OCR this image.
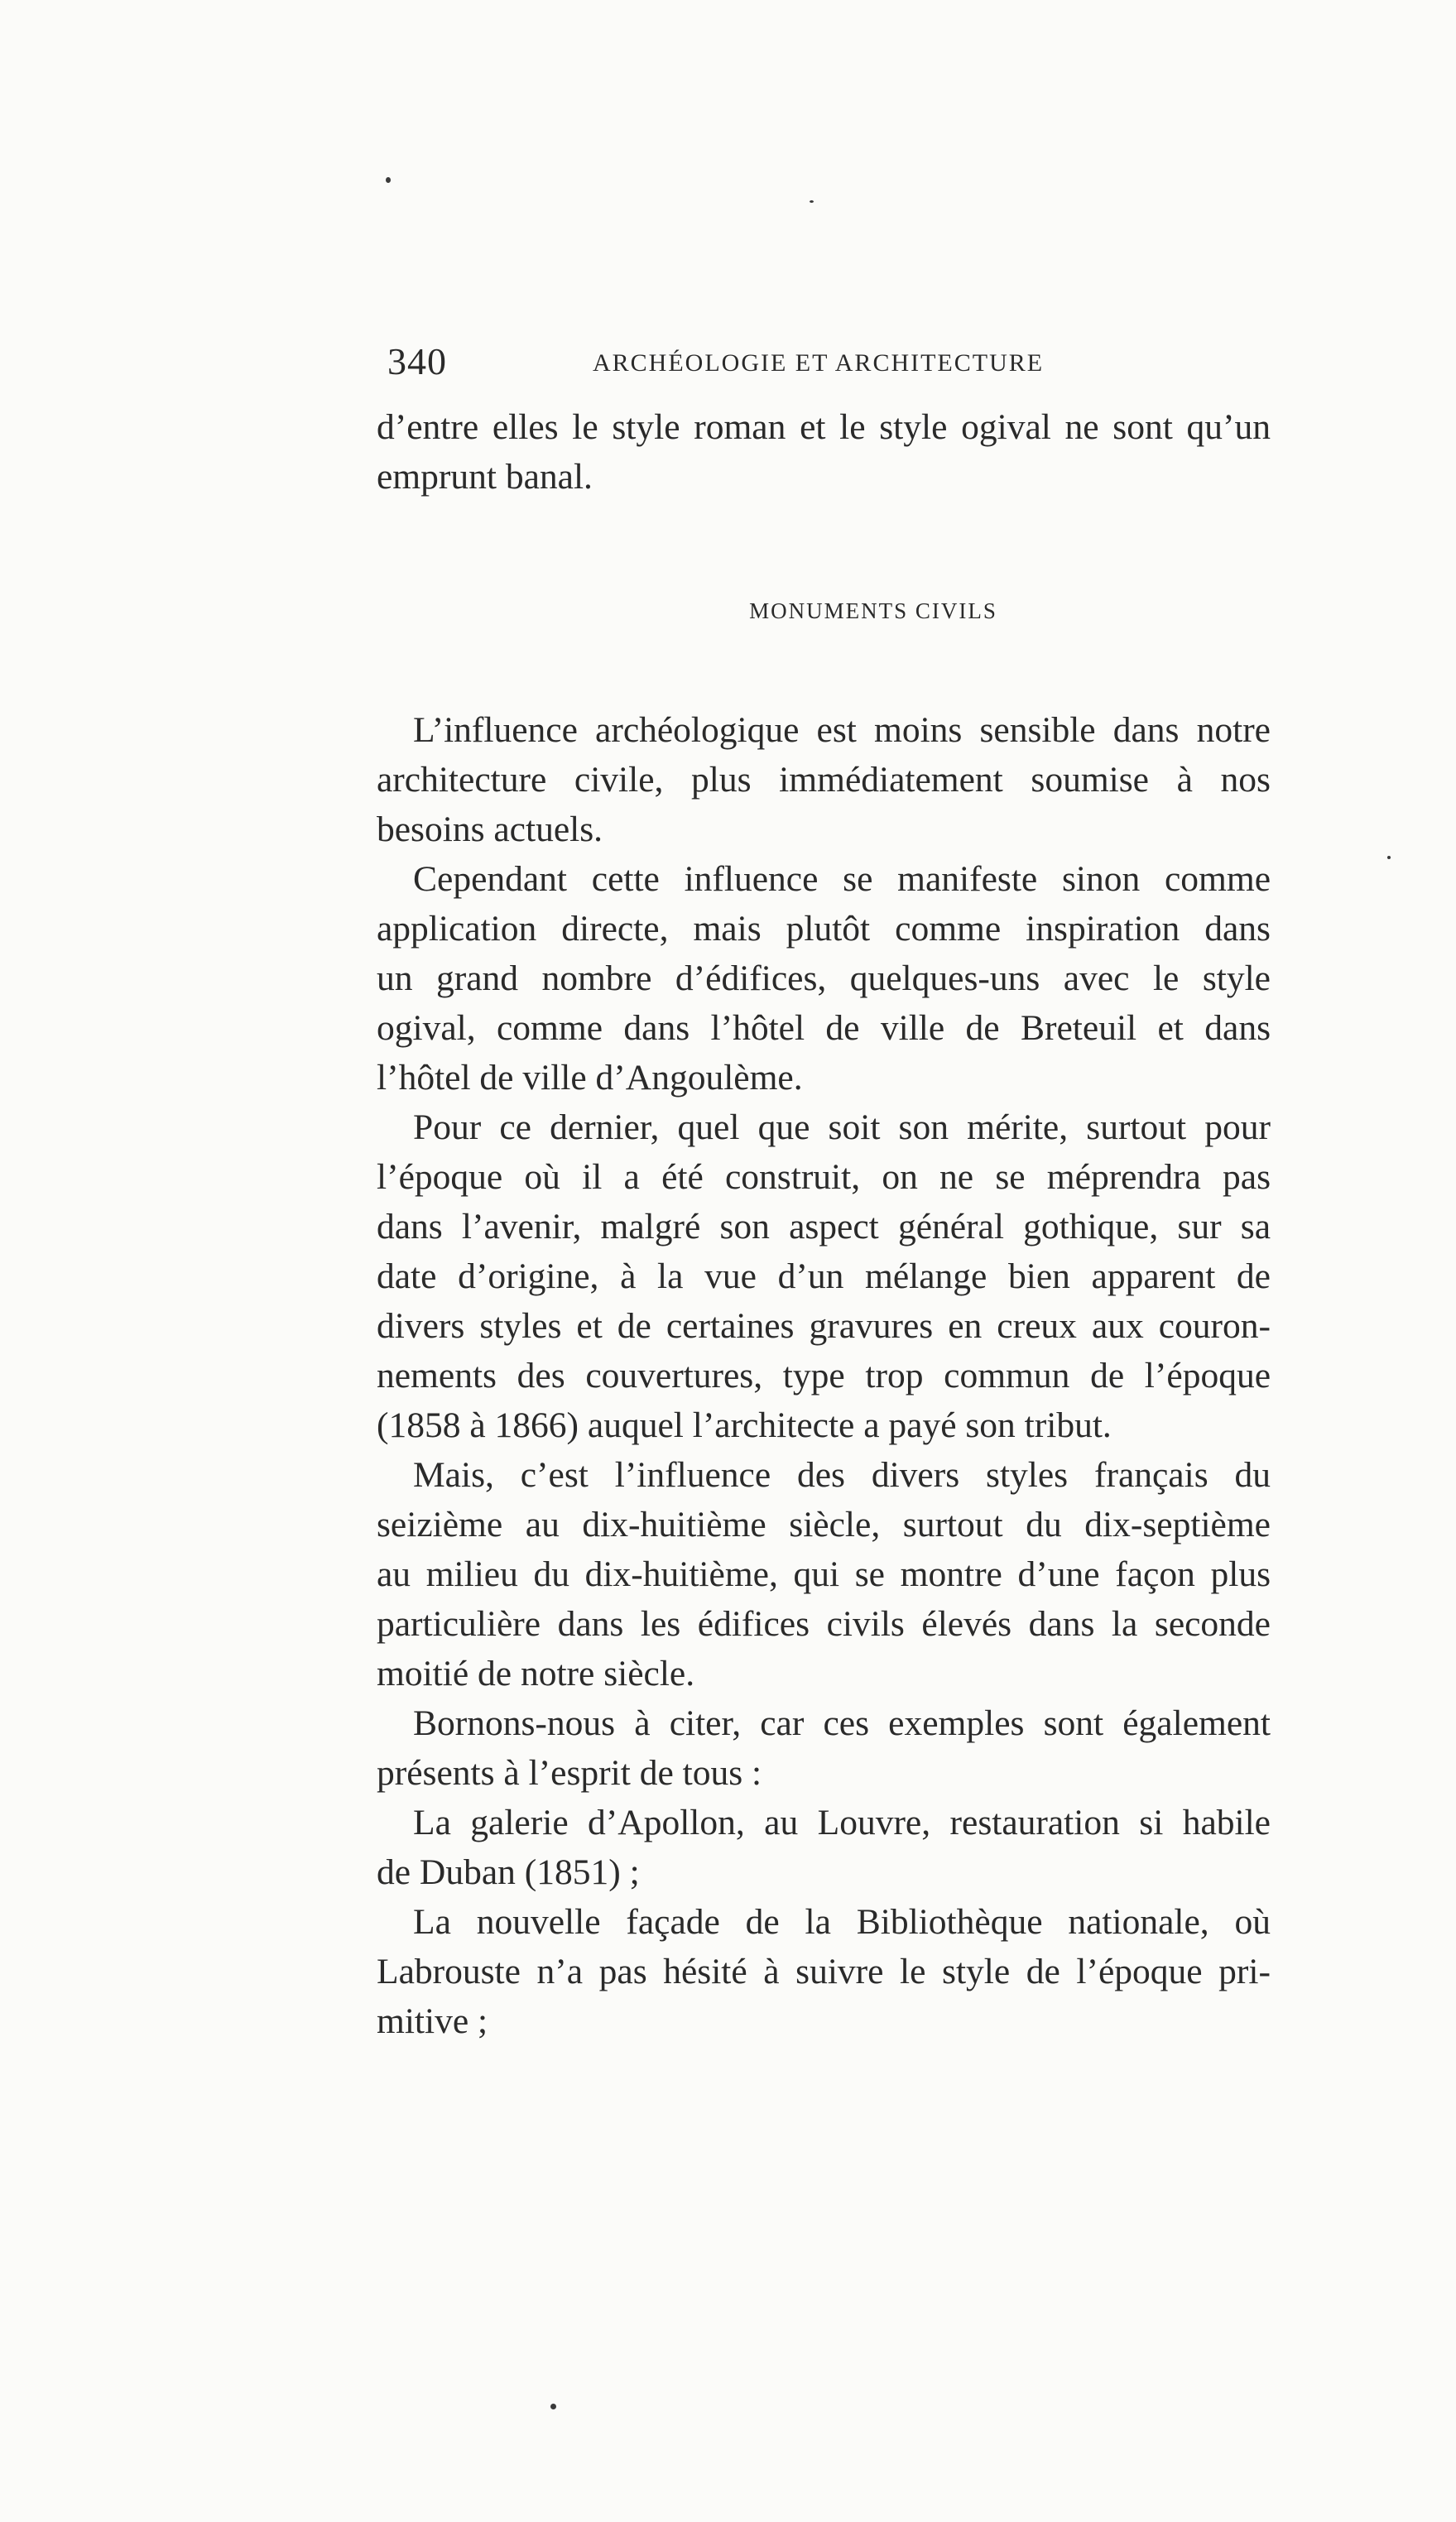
340	ARCHÉOLOGIE ET ARCHITECTURE
d’entre elles le style roman et le style ogival ne sont qu’un
emprunt banal.
MONUMENTS CIVILS
L’influence archéologique est moins sensible dans notre
architecture civile, plus immédiatement soumise à nos
besoins actuels.
Cependant cette influence se manifeste sinon comme
application directe, mais plutôt comme inspiration dans
un grand nombre d’édifices, quelques-uns avec le style
ogival, comme dans l’hôtel de ville de Breteuil et dans
l’hôtel de ville d’Angoulème.
Pour ce dernier, quel que soit son mérite, surtout pour
l’époque où il a été construit, on ne se méprendra pas
dans l’avenir, malgré son aspect général gothique, sur sa
date d’origine, à la vue d’un mélange bien apparent de
divers styles et de certaines gravures en creux aux couron-
nements des couvertures, type trop commun de l’époque
(1858 à 1866) auquel l’architecte a payé son tribut.
Mais, c’est l’influence des divers styles français du
seizième au dix-huitième siècle, surtout du dix-septième
au milieu du dix-huitième, qui se montre d’une façon plus
particulière dans les édifices civils élevés dans la seconde
moitié de notre siècle.
Bornons-nous à citer, car ces exemples sont également
présents à l’esprit de tous :
La galerie d’Apollon, au Louvre, restauration si habile
de Duban (1851) ;
La nouvelle façade de la Bibliothèque nationale, où
Labrouste n’a pas hésité à suivre le style de l’époque pri-
mitive ;
